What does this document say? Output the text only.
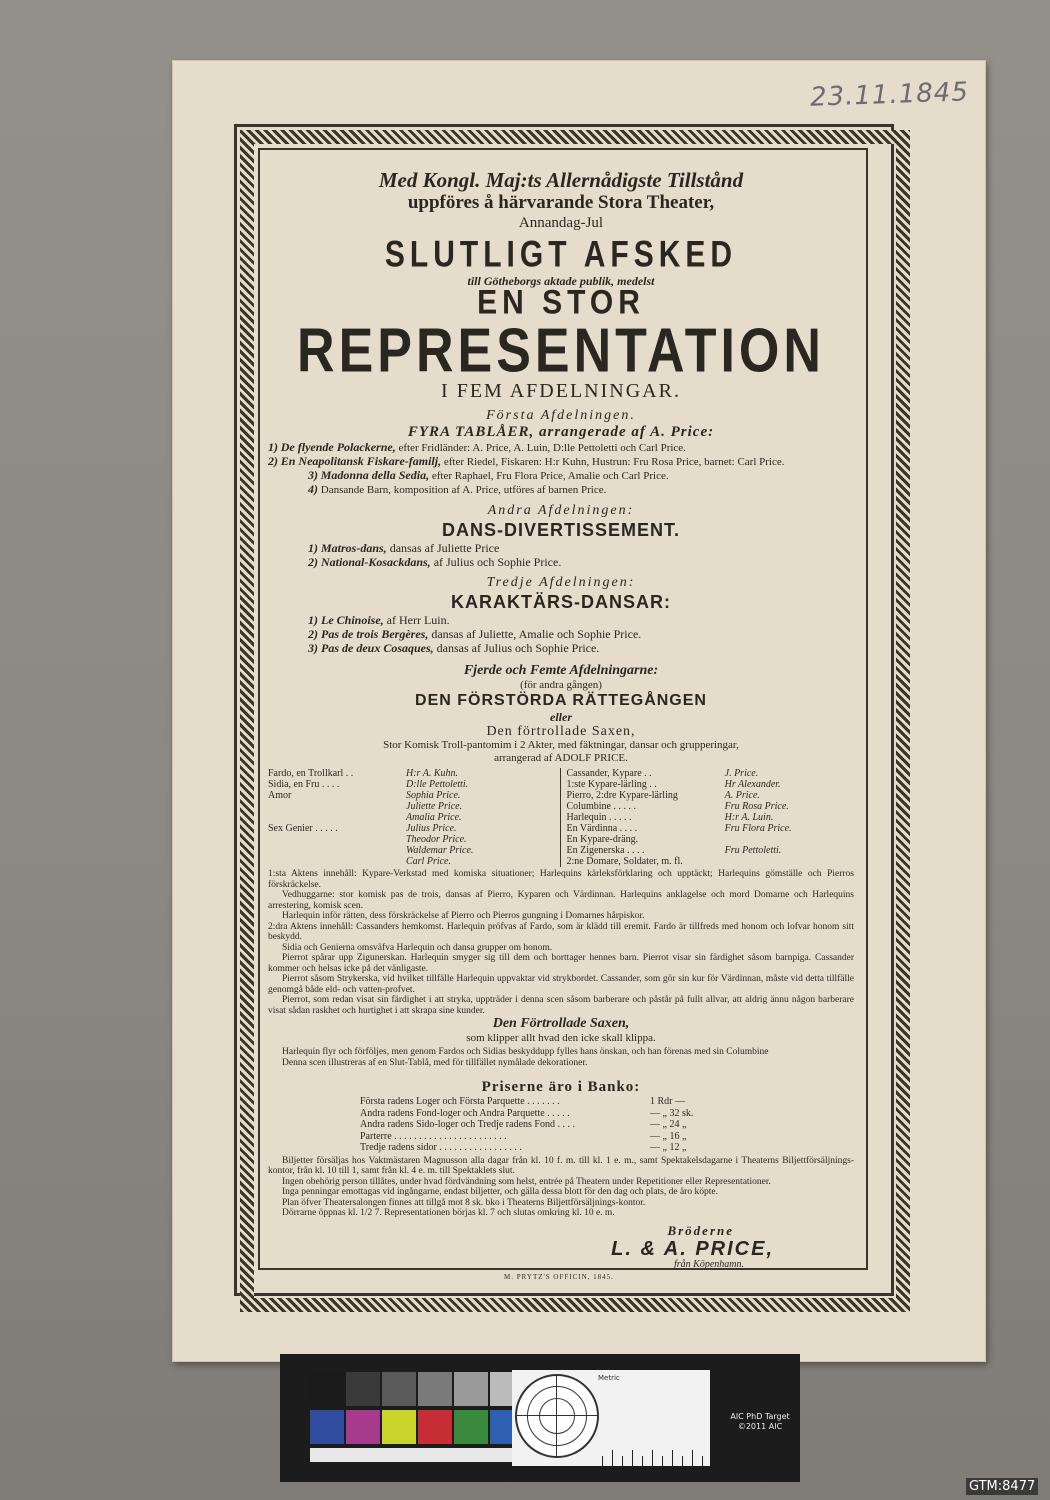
23.11.1845
Med Kongl. Maj:ts Allernådigste Tillstånd
uppföres å härvarande Stora Theater,
Annandag-Jul
SLUTLIGT AFSKED
till Götheborgs aktade publik, medelst
EN STOR
REPRESENTATION
I FEM AFDELNINGAR.
Första Afdelningen.
FYRA TABLÅER, arrangerade af A. Price:
1) De flyende Polackerne, efter Fridländer: A. Price, A. Luin, D:lle Pettoletti och Carl Price.
2) En Neapolitansk Fiskare-familj, efter Riedel, Fiskaren: H:r Kuhn, Hustrun: Fru Rosa Price, barnet: Carl Price.
3) Madonna della Sedia, efter Raphael, Fru Flora Price, Amalie och Carl Price.
4) Dansande Barn, komposition af A. Price, utföres af barnen Price.
Andra Afdelningen:
DANS-DIVERTISSEMENT.
1) Matros-dans, dansas af Juliette Price
2) National-Kosackdans, af Julius och Sophie Price.
Tredje Afdelningen:
KARAKTÄRS-DANSAR:
1) Le Chinoise, af Herr Luin.
2) Pas de trois Bergères, dansas af Juliette, Amalie och Sophie Price.
3) Pas de deux Cosaques, dansas af Julius och Sophie Price.
Fjerde och Femte Afdelningarne:
(för andra gången)
DEN FÖRSTÖRDA RÄTTEGÅNGEN
eller
Den förtrollade Saxen,
Stor Komisk Troll-pantomim i 2 Akter, med fäktningar, dansar och grupperingar,
arrangerad af ADOLF PRICE.
Fardo, en Trollkarl . .	H:r A. Kuhn.
Sidia, en Fru . . . .	D:lle Pettoletti.
Amor	Sophia Price.
Juliette Price.
Amalia Price.
Sex Genier . . . . .	Julius Price.
Theodor Price.
Waldemar Price.
Carl Price.
Cassander, Kypare . .	J. Price.
1:ste Kypare-lärling . .	Hr Alexander.
Pierro, 2:dre Kypare-lärling	A. Price.
Columbine . . . . .	Fru Rosa Price.
Harlequin . . . . .	H:r A. Luin.
En Värdinna . . . .	Fru Flora Price.
En Kypare-dräng.
En Zigenerska . . . .	Fru Pettoletti.
2:ne Domare, Soldater, m. fl.

1:sta Aktens innehåll: Kypare-Verkstad med komiska situationer; Harlequins kärleksförklaring och upptäckt; Harlequins gömställe och Pierros förskräckelse.

Vedhuggarne: stor komisk pas de trois, dansas af Pierro, Kyparen och Värdinnan. Harlequins anklagelse och mord Domarne och Harlequins arrestering, komisk scen.

Harlequin inför rätten, dess förskräckelse af Pierro och Pierros gungning i Domarnes hårpiskor.

2:dra Aktens innehåll: Cassanders hemkomst. Harlequin pröfvas af Fardo, som är klädd till eremit. Fardo är tillfreds med honom och lofvar honom sitt beskydd.

Sidia och Genierna omsväfva Harlequin och dansa grupper om honom.

Pierrot spårar upp Zigunerskan. Harlequin smyger sig till dem och borttager hennes barn. Pierrot visar sin färdighet såsom barnpiga. Cassander kommer och helsas icke på det vänligaste.

Pierrot såsom Strykerska, vid hvilket tillfälle Harlequin uppvaktar vid strykbordet. Cassander, som gör sin kur för Värdinnan, måste vid detta tillfälle genomgå både eld- och vatten-profvet.

Pierrot, som redan visat sin färdighet i att stryka, uppträder i denna scen såsom barberare och påstår på fullt allvar, att aldrig ännu någon barberare visat sådan raskhet och hurtighet i att skrapa sine kunder.

Den Förtrollade Saxen,
som klipper allt hvad den icke skall klippa.

Harlequin flyr och förföljes, men genom Fardos och Sidias beskyddupp fylles hans önskan, och han förenas med sin Columbine

Denna scen illustreras af en Slut-Tablå, med för tillfället nymålade dekorationer.

Priserne äro i Banko:
Första radens Loger och Första Parquette . . . . . . .	1 Rdr —
Andra radens Fond-loger och Andra Parquette . . . . .	— „ 32 sk.
Andra radens Sido-loger och Tredje radens Fond . . . .	— „ 24 „
Parterre . . . . . . . . . . . . . . . . . . . . . . .	— „ 16 „
Tredje radens sidor . . . . . . . . . . . . . . . . .	— „ 12 „
Biljetter försäljas hos Vaktmästaren Magnusson alla dagar från kl. 10 f. m. till kl. 1 e. m., samt Spektakelsdagarne i Theaterns Biljettförsäljnings-kontor, från kl. 10 till 1, samt från kl. 4 e. m. till Spektaklets slut.
Ingen obehörig person tillåtes, under hvad fördvändning som helst, entrée på Theatern under Repetitioner eller Representationer.
Inga penningar emottagas vid ingångarne, endast biljetter, och gälla dessa blott för den dag och plats, de äro köpte.
Plan öfver Theatersalongen finnes att tillgå mot 8 sk. bko i Theaterns Biljettförsäljnings-kontor.
Dörrarne öppnas kl. 1/2 7. Representationen börjas kl. 7 och slutas omkring kl. 10 e. m.
Bröderne
L. & A. PRICE,
från Köpenhamn.
M. PRYTZ'S OFFICIN, 1845.
Metric
AIC PhD Target
©2011 AIC
GTM:8477
